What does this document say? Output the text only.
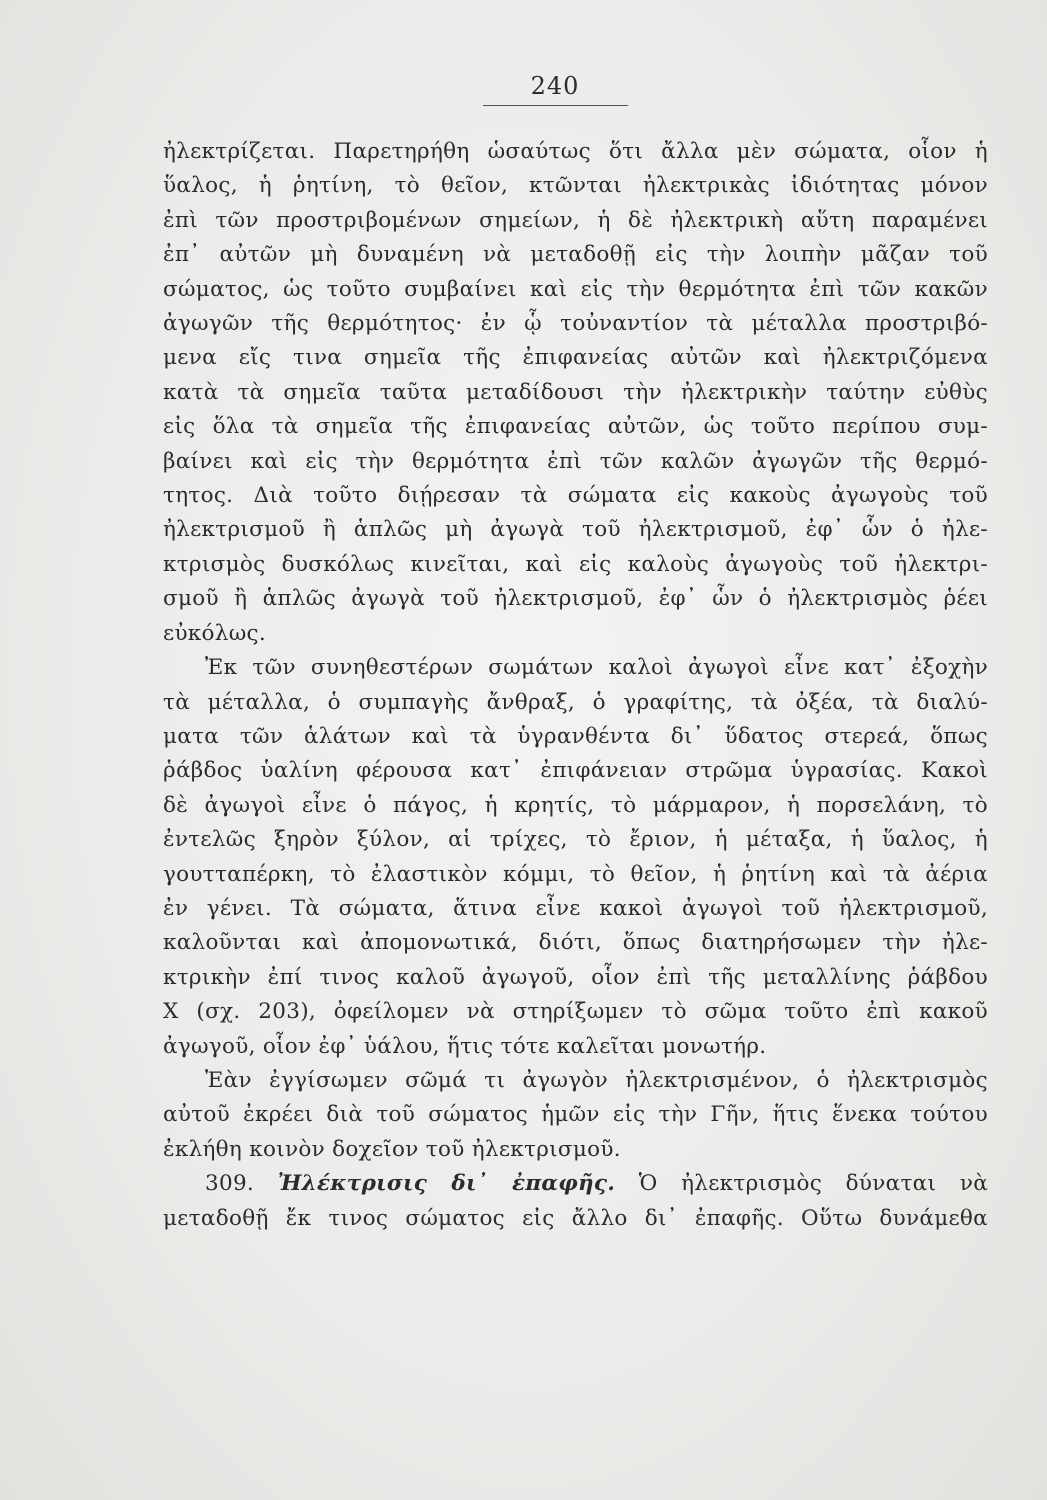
240

ἠλεκτρίζεται. Παρετηρήθη ὡσαύτως ὅτι ἄλλα μὲν σώματα, οἷον ἡ
ὕαλος, ἡ ῥητίνη, τὸ θεῖον, κτῶνται ἠλεκτρικὰς ἰδιότητας μόνον
ἐπὶ τῶν προστριβομένων σημείων, ἡ δὲ ἠλεκτρικὴ αὕτη παραμένει
ἐπ᾽ αὐτῶν μὴ δυναμένη νὰ μεταδοθῇ εἰς τὴν λοιπὴν μᾶζαν τοῦ
σώματος, ὡς τοῦτο συμβαίνει καὶ εἰς τὴν θερμότητα ἐπὶ τῶν κακῶν
ἀγωγῶν τῆς θερμότητος· ἐν ᾧ τοὐναντίον τὰ μέταλλα προστριβό-
μενα εἴς τινα σημεῖα τῆς ἐπιφανείας αὐτῶν καὶ ἠλεκτριζόμενα
κατὰ τὰ σημεῖα ταῦτα μεταδίδουσι τὴν ἠλεκτρικὴν ταύτην εὐθὺς
εἰς ὅλα τὰ σημεῖα τῆς ἐπιφανείας αὐτῶν, ὡς τοῦτο περίπου συμ-
βαίνει καὶ εἰς τὴν θερμότητα ἐπὶ τῶν καλῶν ἀγωγῶν τῆς θερμό-
τητος. Διὰ τοῦτο διῄρεσαν τὰ σώματα εἰς κακοὺς ἀγωγοὺς τοῦ
ἠλεκτρισμοῦ ἢ ἁπλῶς μὴ ἀγωγὰ τοῦ ἠλεκτρισμοῦ, ἐφ᾽ ὧν ὁ ἠλε-
κτρισμὸς δυσκόλως κινεῖται, καὶ εἰς καλοὺς ἀγωγοὺς τοῦ ἠλεκτρι-
σμοῦ ἢ ἁπλῶς ἀγωγὰ τοῦ ἠλεκτρισμοῦ, ἐφ᾽ ὧν ὁ ἠλεκτρισμὸς ῥέει
εὐκόλως.

Ἐκ τῶν συνηθεστέρων σωμάτων καλοὶ ἀγωγοὶ εἶνε κατ᾽ ἐξοχὴν
τὰ μέταλλα, ὁ συμπαγὴς ἄνθραξ, ὁ γραφίτης, τὰ ὀξέα, τὰ διαλύ-
ματα τῶν ἁλάτων καὶ τὰ ὑγρανθέντα δι᾽ ὕδατος στερεά, ὅπως
ῥάβδος ὑαλίνη φέρουσα κατ᾽ ἐπιφάνειαν στρῶμα ὑγρασίας. Κακοὶ
δὲ ἀγωγοὶ εἶνε ὁ πάγος, ἡ κρητίς, τὸ μάρμαρον, ἡ πορσελάνη, τὸ
ἐντελῶς ξηρὸν ξύλον, αἱ τρίχες, τὸ ἔριον, ἡ μέταξα, ἡ ὕαλος, ἡ
γουτταπέρκη, τὸ ἐλαστικὸν κόμμι, τὸ θεῖον, ἡ ῥητίνη καὶ τὰ ἀέρια
ἐν γένει. Τὰ σώματα, ἅτινα εἶνε κακοὶ ἀγωγοὶ τοῦ ἠλεκτρισμοῦ,
καλοῦνται καὶ ἀπομονωτικά, διότι, ὅπως διατηρήσωμεν τὴν ἠλε-
κτρικὴν ἐπί τινος καλοῦ ἀγωγοῦ, οἷον ἐπὶ τῆς μεταλλίνης ῥάβδου
Χ (σχ. 203), ὀφείλομεν νὰ στηρίξωμεν τὸ σῶμα τοῦτο ἐπὶ κακοῦ
ἀγωγοῦ, οἷον ἐφ᾽ ὑάλου, ἥτις τότε καλεῖται μονωτήρ.

Ἐὰν ἐγγίσωμεν σῶμά τι ἀγωγὸν ἠλεκτρισμένον, ὁ ἠλεκτρισμὸς
αὐτοῦ ἐκρέει διὰ τοῦ σώματος ἡμῶν εἰς τὴν Γῆν, ἥτις ἕνεκα τούτου
ἐκλήθη κοινὸν δοχεῖον τοῦ ἠλεκτρισμοῦ.

309. Ἠλέκτρισις δι᾽ ἐπαφῆς. Ὁ ἠλεκτρισμὸς δύναται νὰ
μεταδοθῇ ἔκ τινος σώματος εἰς ἄλλο δι᾽ ἐπαφῆς. Οὕτω δυνάμεθα
